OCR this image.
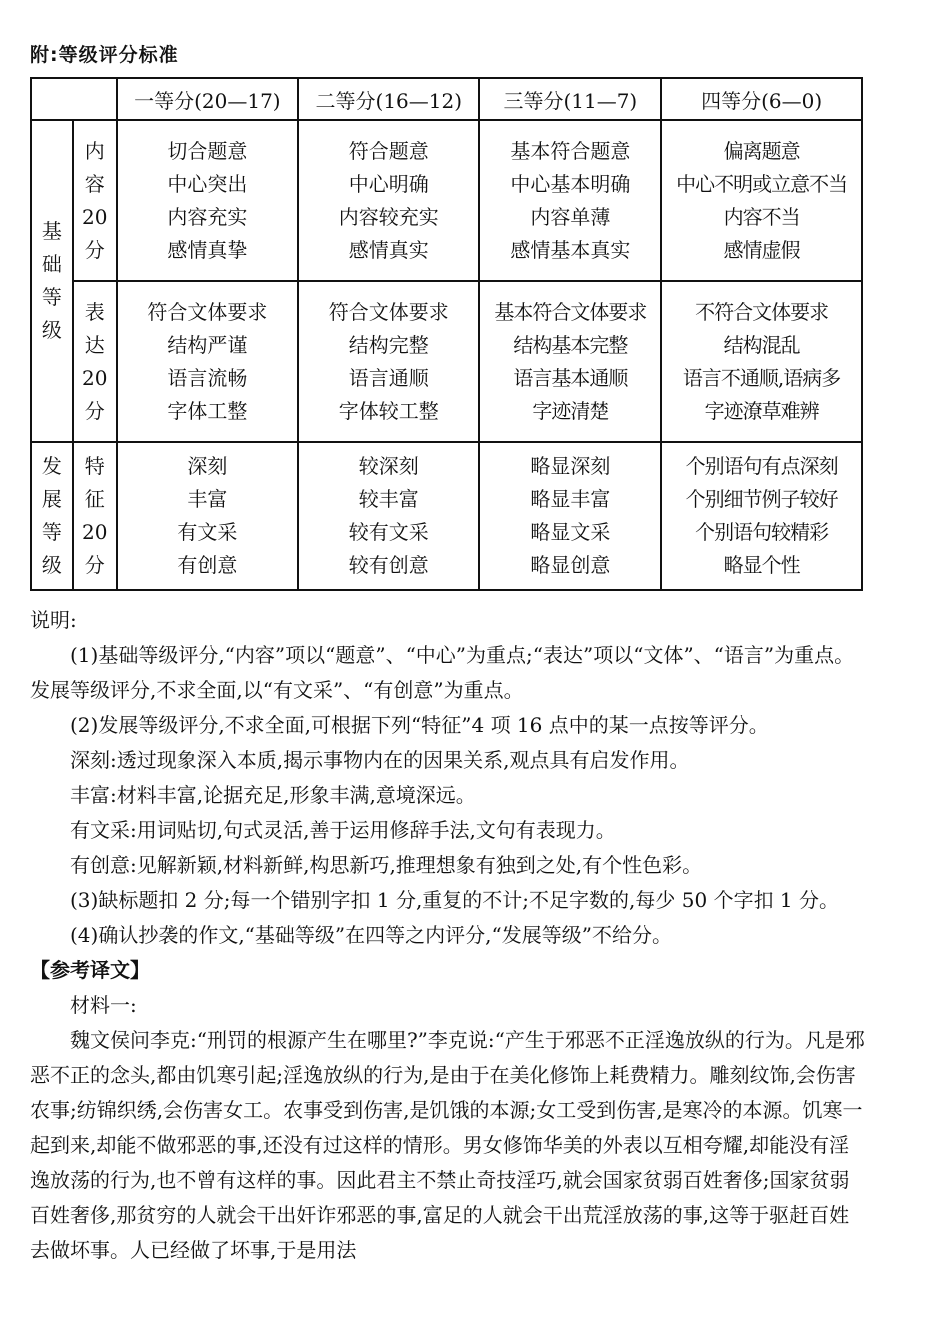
附:等级评分标准
		一等分(20—17)	二等分(16—12)	三等分(11—7)	四等分(6—0)

基
础
等
级	内
容
20
分	切合题意
中心突出
内容充实
感情真挚	符合题意
中心明确
内容较充实
感情真实	基本符合题意
中心基本明确
内容单薄
感情基本真实	偏离题意
中心不明或立意不当
内容不当
感情虚假

	表
达
20
分	符合文体要求
结构严谨
语言流畅
字体工整	符合文体要求
结构完整
语言通顺
字体较工整	基本符合文体要求
结构基本完整
语言基本通顺
字迹清楚	不符合文体要求
结构混乱
语言不通顺,语病多
字迹潦草难辨

发
展
等
级	特
征
20
分	深刻
丰富
有文采
有创意	较深刻
较丰富
较有文采
较有创意	略显深刻
略显丰富
略显文采
略显创意	个别语句有点深刻
个别细节例子较好
个别语句较精彩
略显个性

说明:

(1)基础等级评分,“内容”项以“题意”、“中心”为重点;“表达”项以“文体”、“语言”为重点。发展等级评分,不求全面,以“有文采”、“有创意”为重点。

(2)发展等级评分,不求全面,可根据下列“特征”4 项 16 点中的某一点按等评分。

深刻:透过现象深入本质,揭示事物内在的因果关系,观点具有启发作用。

丰富:材料丰富,论据充足,形象丰满,意境深远。

有文采:用词贴切,句式灵活,善于运用修辞手法,文句有表现力。

有创意:见解新颖,材料新鲜,构思新巧,推理想象有独到之处,有个性色彩。

(3)缺标题扣 2 分;每一个错别字扣 1 分,重复的不计;不足字数的,每少 50 个字扣 1 分。

(4)确认抄袭的作文,“基础等级”在四等之内评分,“发展等级”不给分。

【参考译文】

材料一:

魏文侯问李克:“刑罚的根源产生在哪里?”李克说:“产生于邪恶不正淫逸放纵的行为。凡是邪恶不正的念头,都由饥寒引起;淫逸放纵的行为,是由于在美化修饰上耗费精力。雕刻纹饰,会伤害农事;纺锦织绣,会伤害女工。农事受到伤害,是饥饿的本源;女工受到伤害,是寒冷的本源。饥寒一起到来,却能不做邪恶的事,还没有过这样的情形。男女修饰华美的外表以互相夸耀,却能没有淫逸放荡的行为,也不曾有这样的事。因此君主不禁止奇技淫巧,就会国家贫弱百姓奢侈;国家贫弱百姓奢侈,那贫穷的人就会干出奸诈邪恶的事,富足的人就会干出荒淫放荡的事,这等于驱赶百姓去做坏事。人已经做了坏事,于是用法
